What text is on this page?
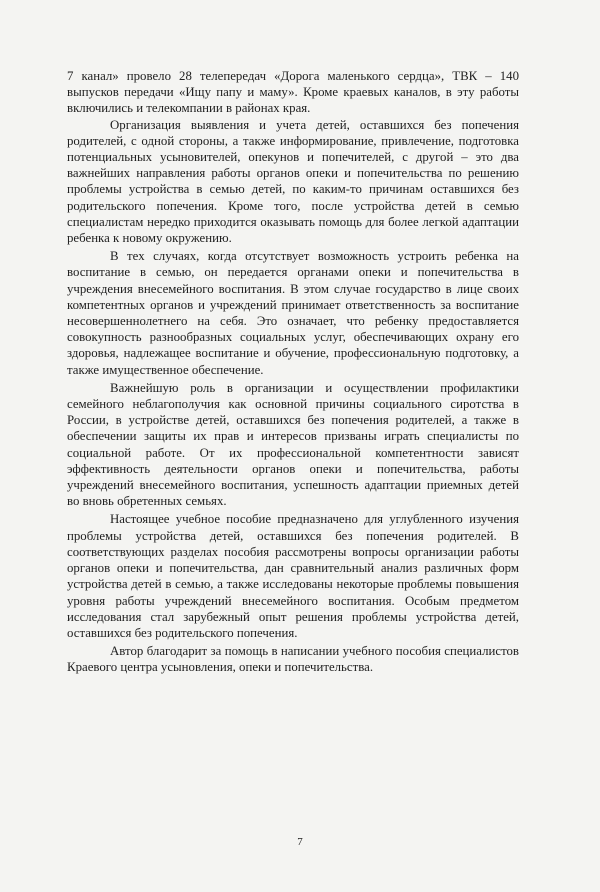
7 канал» провело 28 телепередач «Дорога маленького сердца», ТВК – 140 выпусков передачи «Ищу папу и маму». Кроме краевых каналов, в эту работы включились и телекомпании в районах края.

Организация выявления и учета детей, оставшихся без попечения родителей, с одной стороны, а также информирование, привлечение, подготовка потенциальных усыновителей, опекунов и попечителей, с другой – это два важнейших направления работы органов опеки и попечительства по решению проблемы устройства в семью детей, по каким-то причинам оставшихся без родительского попечения. Кроме того, после устройства детей в семью специалистам нередко приходится оказывать помощь для более легкой адаптации ребенка к новому окружению.

В тех случаях, когда отсутствует возможность устроить ребенка на воспитание в семью, он передается органами опеки и попечительства в учреждения внесемейного воспитания. В этом случае государство в лице своих компетентных органов и учреждений принимает ответственность за воспитание несовершеннолетнего на себя. Это означает, что ребенку предоставляется совокупность разнообразных социальных услуг, обеспечивающих охрану его здоровья, надлежащее воспитание и обучение, профессиональную подготовку, а также имущественное обеспечение.

Важнейшую роль в организации и осуществлении профилактики семейного неблагополучия как основной причины социального сиротства в России, в устройстве детей, оставшихся без попечения родителей, а также в обеспечении защиты их прав и интересов призваны играть специалисты по социальной работе. От их профессиональной компетентности зависят эффективность деятельности органов опеки и попечительства, работы учреждений внесемейного воспитания, успешность адаптации приемных детей во вновь обретенных семьях.

Настоящее учебное пособие предназначено для углубленного изучения проблемы устройства детей, оставшихся без попечения родителей. В соответствующих разделах пособия рассмотрены вопросы организации работы органов опеки и попечительства, дан сравнительный анализ различных форм устройства детей в семью, а также исследованы некоторые проблемы повышения уровня работы учреждений внесемейного воспитания. Особым предметом исследования стал зарубежный опыт решения проблемы устройства детей, оставшихся без родительского попечения.

Автор благодарит за помощь в написании учебного пособия специалистов Краевого центра усыновления, опеки и попечительства.

7
